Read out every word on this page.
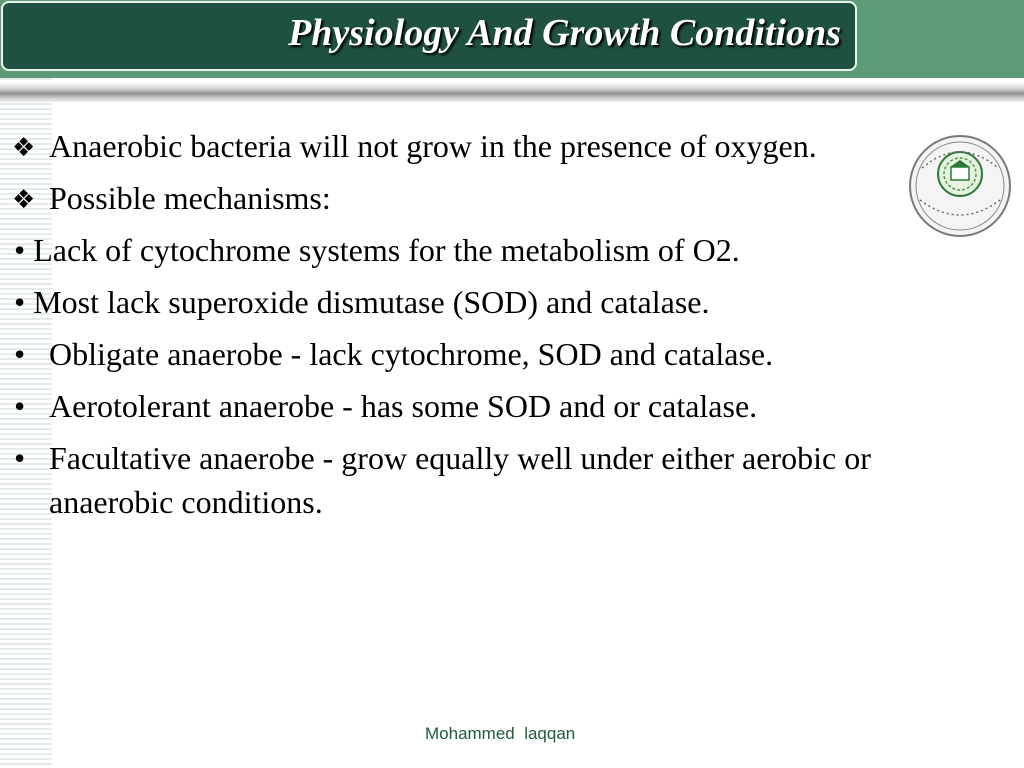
Physiology And Growth Conditions
❖ Anaerobic bacteria will not grow in the presence of oxygen.
❖ Possible mechanisms:
• Lack of cytochrome systems for the metabolism of O2.
• Most lack superoxide dismutase (SOD) and catalase.
• Obligate anaerobe - lack cytochrome, SOD and catalase.
• Aerotolerant anaerobe - has some SOD and or catalase.
• Facultative anaerobe - grow equally well under either aerobic or anaerobic conditions.
Mohammed  laqqan
